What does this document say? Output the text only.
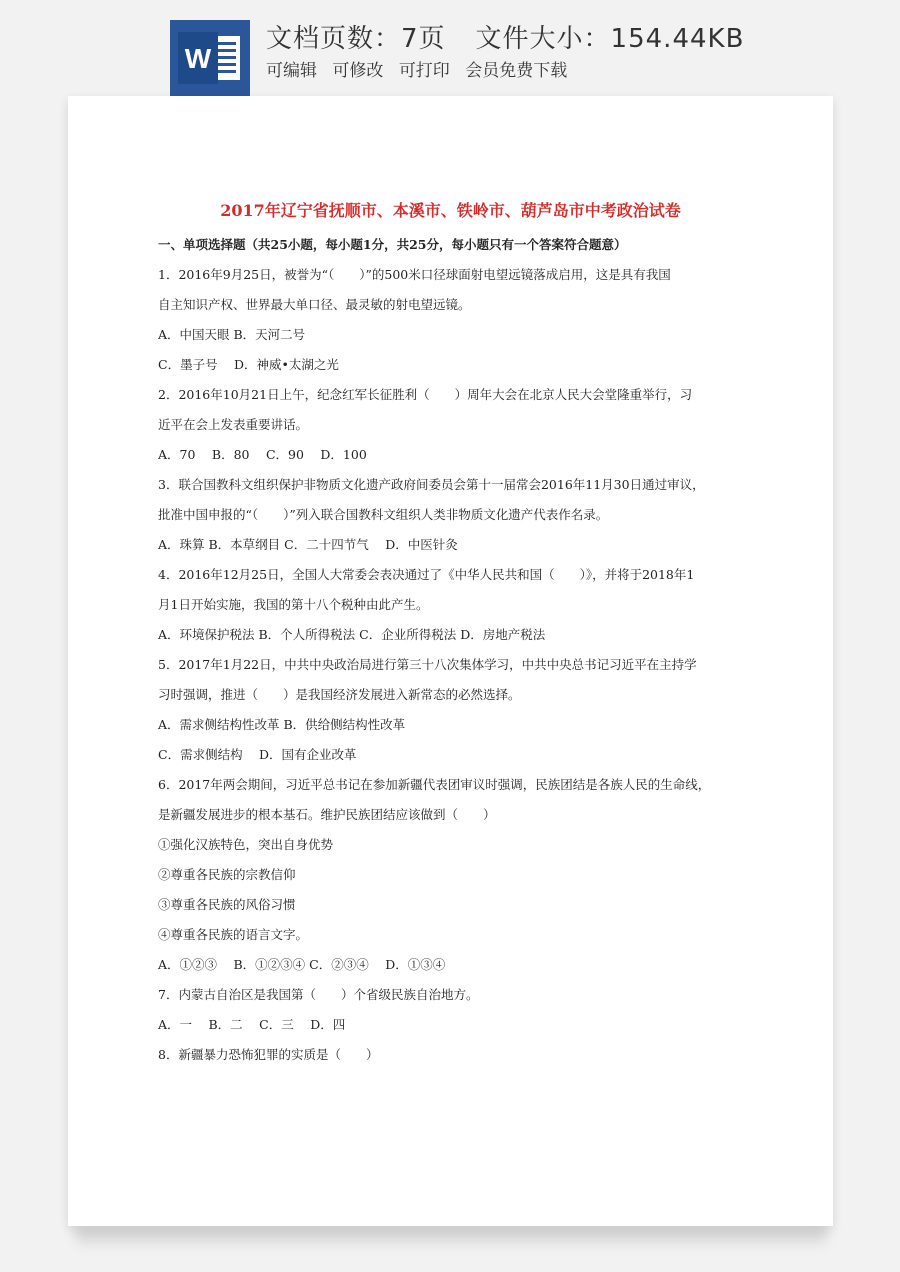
W
文档页数：7页 文件大小：154.44KB
可编辑 可修改 可打印 会员免费下载
2017年辽宁省抚顺市、本溪市、铁岭市、葫芦岛市中考政治试卷
一、单项选择题（共25小题，每小题1分，共25分，每小题只有一个答案符合题意）
1．2016年9月25日，被誉为“（　　）”的500米口径球面射电望远镜落成启用，这是具有我国
自主知识产权、世界最大单口径、最灵敏的射电望远镜。
A．中国天眼 B．天河二号
C．墨子号　 D．神威•太湖之光
2．2016年10月21日上午，纪念红军长征胜利（　　）周年大会在北京人民大会堂隆重举行，习
近平在会上发表重要讲话。
A．70　 B．80　 C．90　 D．100
3．联合国教科文组织保护非物质文化遗产政府间委员会第十一届常会2016年11月30日通过审议，
批准中国申报的“（　　）”列入联合国教科文组织人类非物质文化遗产代表作名录。
A．珠算 B．本草纲目 C．二十四节气　 D．中医针灸
4．2016年12月25日，全国人大常委会表决通过了《中华人民共和国（　　）》，并将于2018年1
月1日开始实施，我国的第十八个税种由此产生。
A．环境保护税法 B．个人所得税法 C．企业所得税法 D．房地产税法
5．2017年1月22日，中共中央政治局进行第三十八次集体学习，中共中央总书记习近平在主持学
习时强调，推进（　　）是我国经济发展进入新常态的必然选择。
A．需求侧结构性改革 B．供给侧结构性改革
C．需求侧结构　 D．国有企业改革
6．2017年两会期间，习近平总书记在参加新疆代表团审议时强调，民族团结是各族人民的生命线，
是新疆发展进步的根本基石。维护民族团结应该做到（　　）
①强化汉族特色，突出自身优势
②尊重各民族的宗教信仰
③尊重各民族的风俗习惯
④尊重各民族的语言文字。
A．①②③　 B．①②③④ C．②③④　 D．①③④
7．内蒙古自治区是我国第（　　）个省级民族自治地方。
A．一　 B．二　 C．三　 D．四
8．新疆暴力恐怖犯罪的实质是（　　）
